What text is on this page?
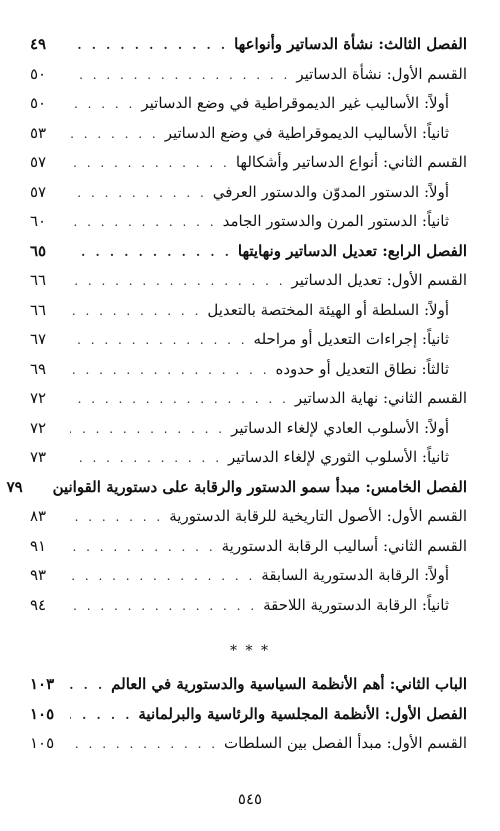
الفصل الثالث: نشأة الدساتير وأنواعها
. . .
٤٩
القسم الأول: نشأة الدساتير
. . .
٥٠
أولاً: الأساليب غير الديموقراطية في وضع الدساتير
. . .
٥٠
ثانياً: الأساليب الديموقراطية في وضع الدساتير
. . .
٥٣
القسم الثاني: أنواع الدساتير وأشكالها
. . .
٥٧
أولاً: الدستور المدوّن والدستور العرفي
. . .
٥٧
ثانياً: الدستور المرن والدستور الجامد
. . .
٦٠
الفصل الرابع: تعديل الدساتير ونهايتها
. . .
٦٥
القسم الأول: تعديل الدساتير
. . .
٦٦
أولاً: السلطة أو الهيئة المختصة بالتعديل
. . .
٦٦
ثانياً: إجراءات التعديل أو مراحله
. . .
٦٧
ثالثاً: نطاق التعديل أو حدوده
. . .
٦٩
القسم الثاني: نهاية الدساتير
. . .
٧٢
أولاً: الأسلوب العادي لإلغاء الدساتير
. . .
٧٢
ثانياً: الأسلوب الثوري لإلغاء الدساتير
. . .
٧٣
الفصل الخامس: مبدأ سمو الدستور والرقابة على دستورية القوانين
٧٩
القسم الأول: الأصول التاريخية للرقابة الدستورية
. . .
٨٣
القسم الثاني: أساليب الرقابة الدستورية
. . .
٩١
أولاً: الرقابة الدستورية السابقة
. . .
٩٣
ثانياً: الرقابة الدستورية اللاحقة
. . .
٩٤
* * *
الباب الثاني: أهم الأنظمة السياسية والدستورية في العالم
. . .
١٠٣
الفصل الأول: الأنظمة المجلسية والرئاسية والبرلمانية
. . .
١٠٥
القسم الأول: مبدأ الفصل بين السلطات
. . .
١٠٥
٥٤٥
